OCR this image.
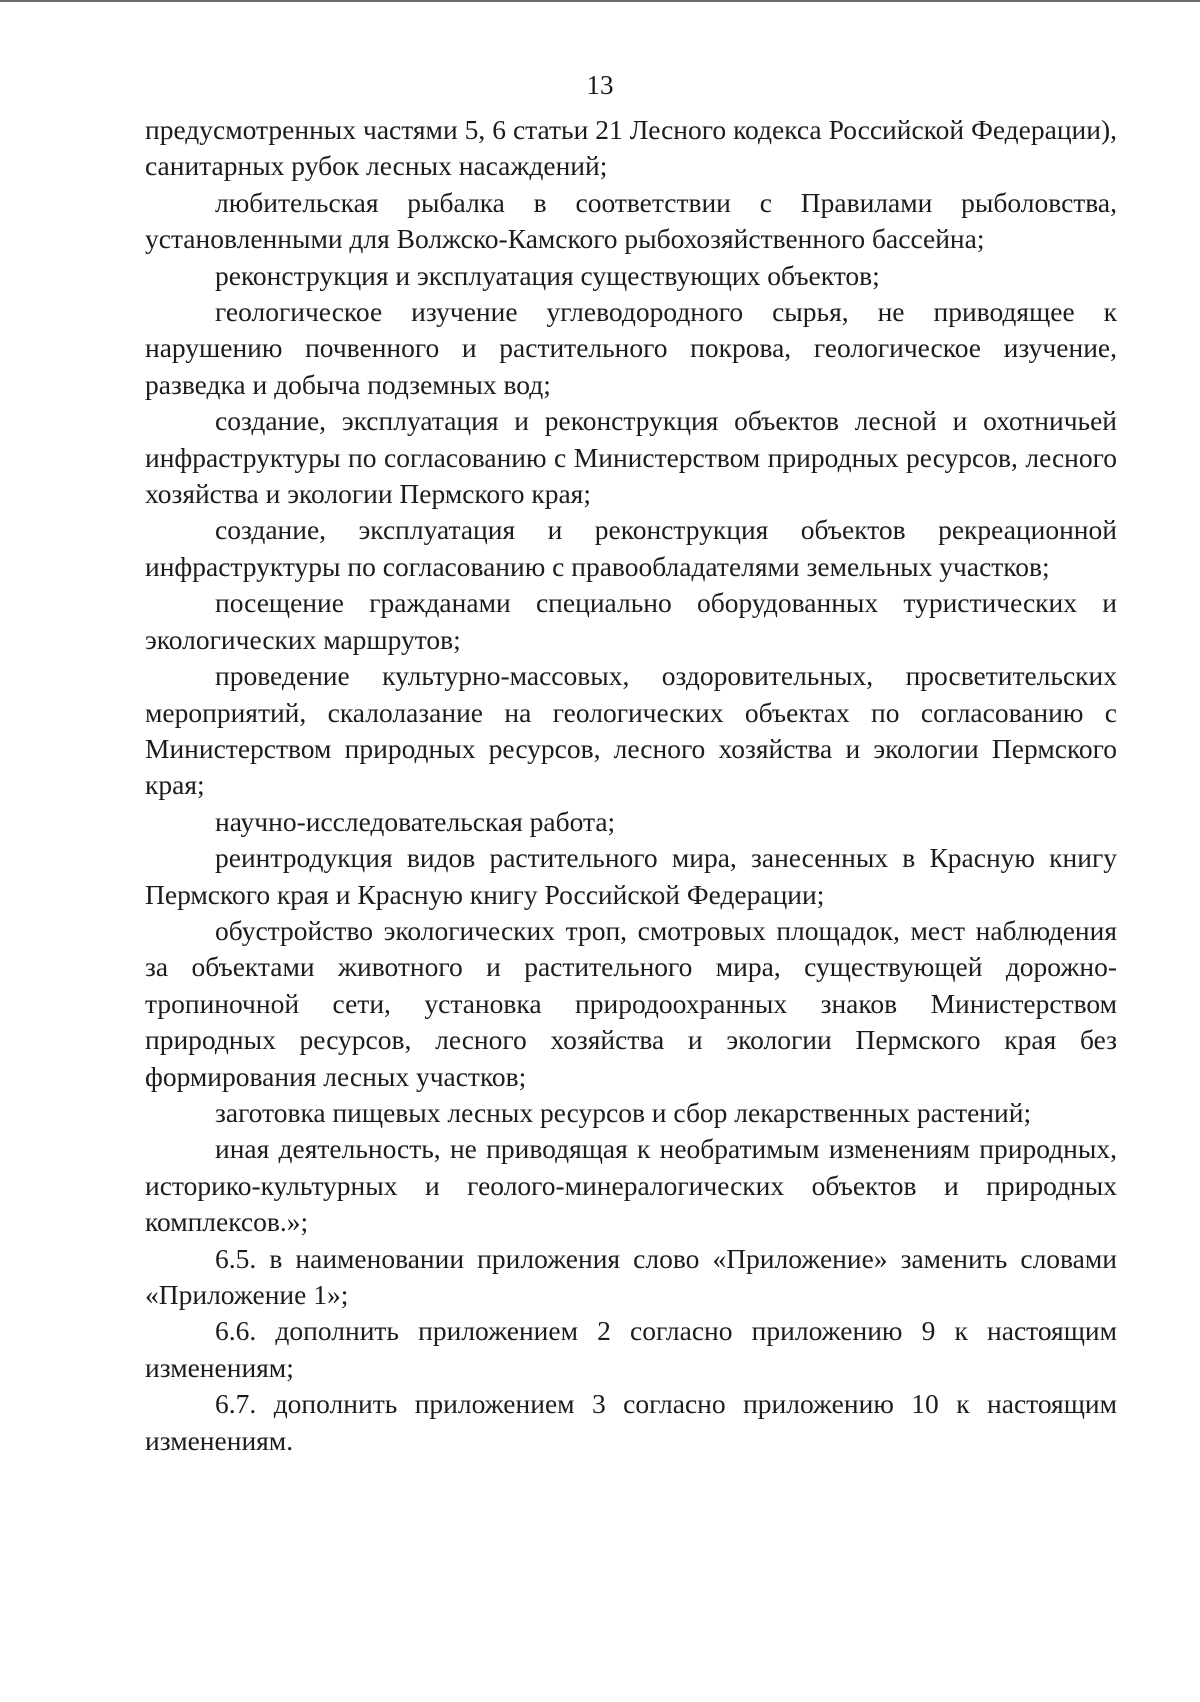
13

предусмотренных частями 5, 6 статьи 21 Лесного кодекса Российской Федерации), санитарных рубок лесных насаждений;

любительская рыбалка в соответствии с Правилами рыболовства, установленными для Волжско-Камского рыбохозяйственного бассейна;

реконструкция и эксплуатация существующих объектов;

геологическое изучение углеводородного сырья, не приводящее к нарушению почвенного и растительного покрова, геологическое изучение, разведка и добыча подземных вод;

создание, эксплуатация и реконструкция объектов лесной и охотничьей инфраструктуры по согласованию с Министерством природных ресурсов, лесного хозяйства и экологии Пермского края;

создание, эксплуатация и реконструкция объектов рекреационной инфраструктуры по согласованию с правообладателями земельных участков;

посещение гражданами специально оборудованных туристических и экологических маршрутов;

проведение культурно-массовых, оздоровительных, просветительских мероприятий, скалолазание на геологических объектах по согласованию с Министерством природных ресурсов, лесного хозяйства и экологии Пермского края;

научно-исследовательская работа;

реинтродукция видов растительного мира, занесенных в Красную книгу Пермского края и Красную книгу Российской Федерации;

обустройство экологических троп, смотровых площадок, мест наблюдения за объектами животного и растительного мира, существующей дорожно-тропиночной сети, установка природоохранных знаков Министерством природных ресурсов, лесного хозяйства и экологии Пермского края без формирования лесных участков;

заготовка пищевых лесных ресурсов и сбор лекарственных растений;

иная деятельность, не приводящая к необратимым изменениям природных, историко-культурных и геолого-минералогических объектов и природных комплексов.»;

6.5. в наименовании приложения слово «Приложение» заменить словами «Приложение 1»;

6.6. дополнить приложением 2 согласно приложению 9 к настоящим изменениям;

6.7. дополнить приложением 3 согласно приложению 10 к настоящим изменениям.
